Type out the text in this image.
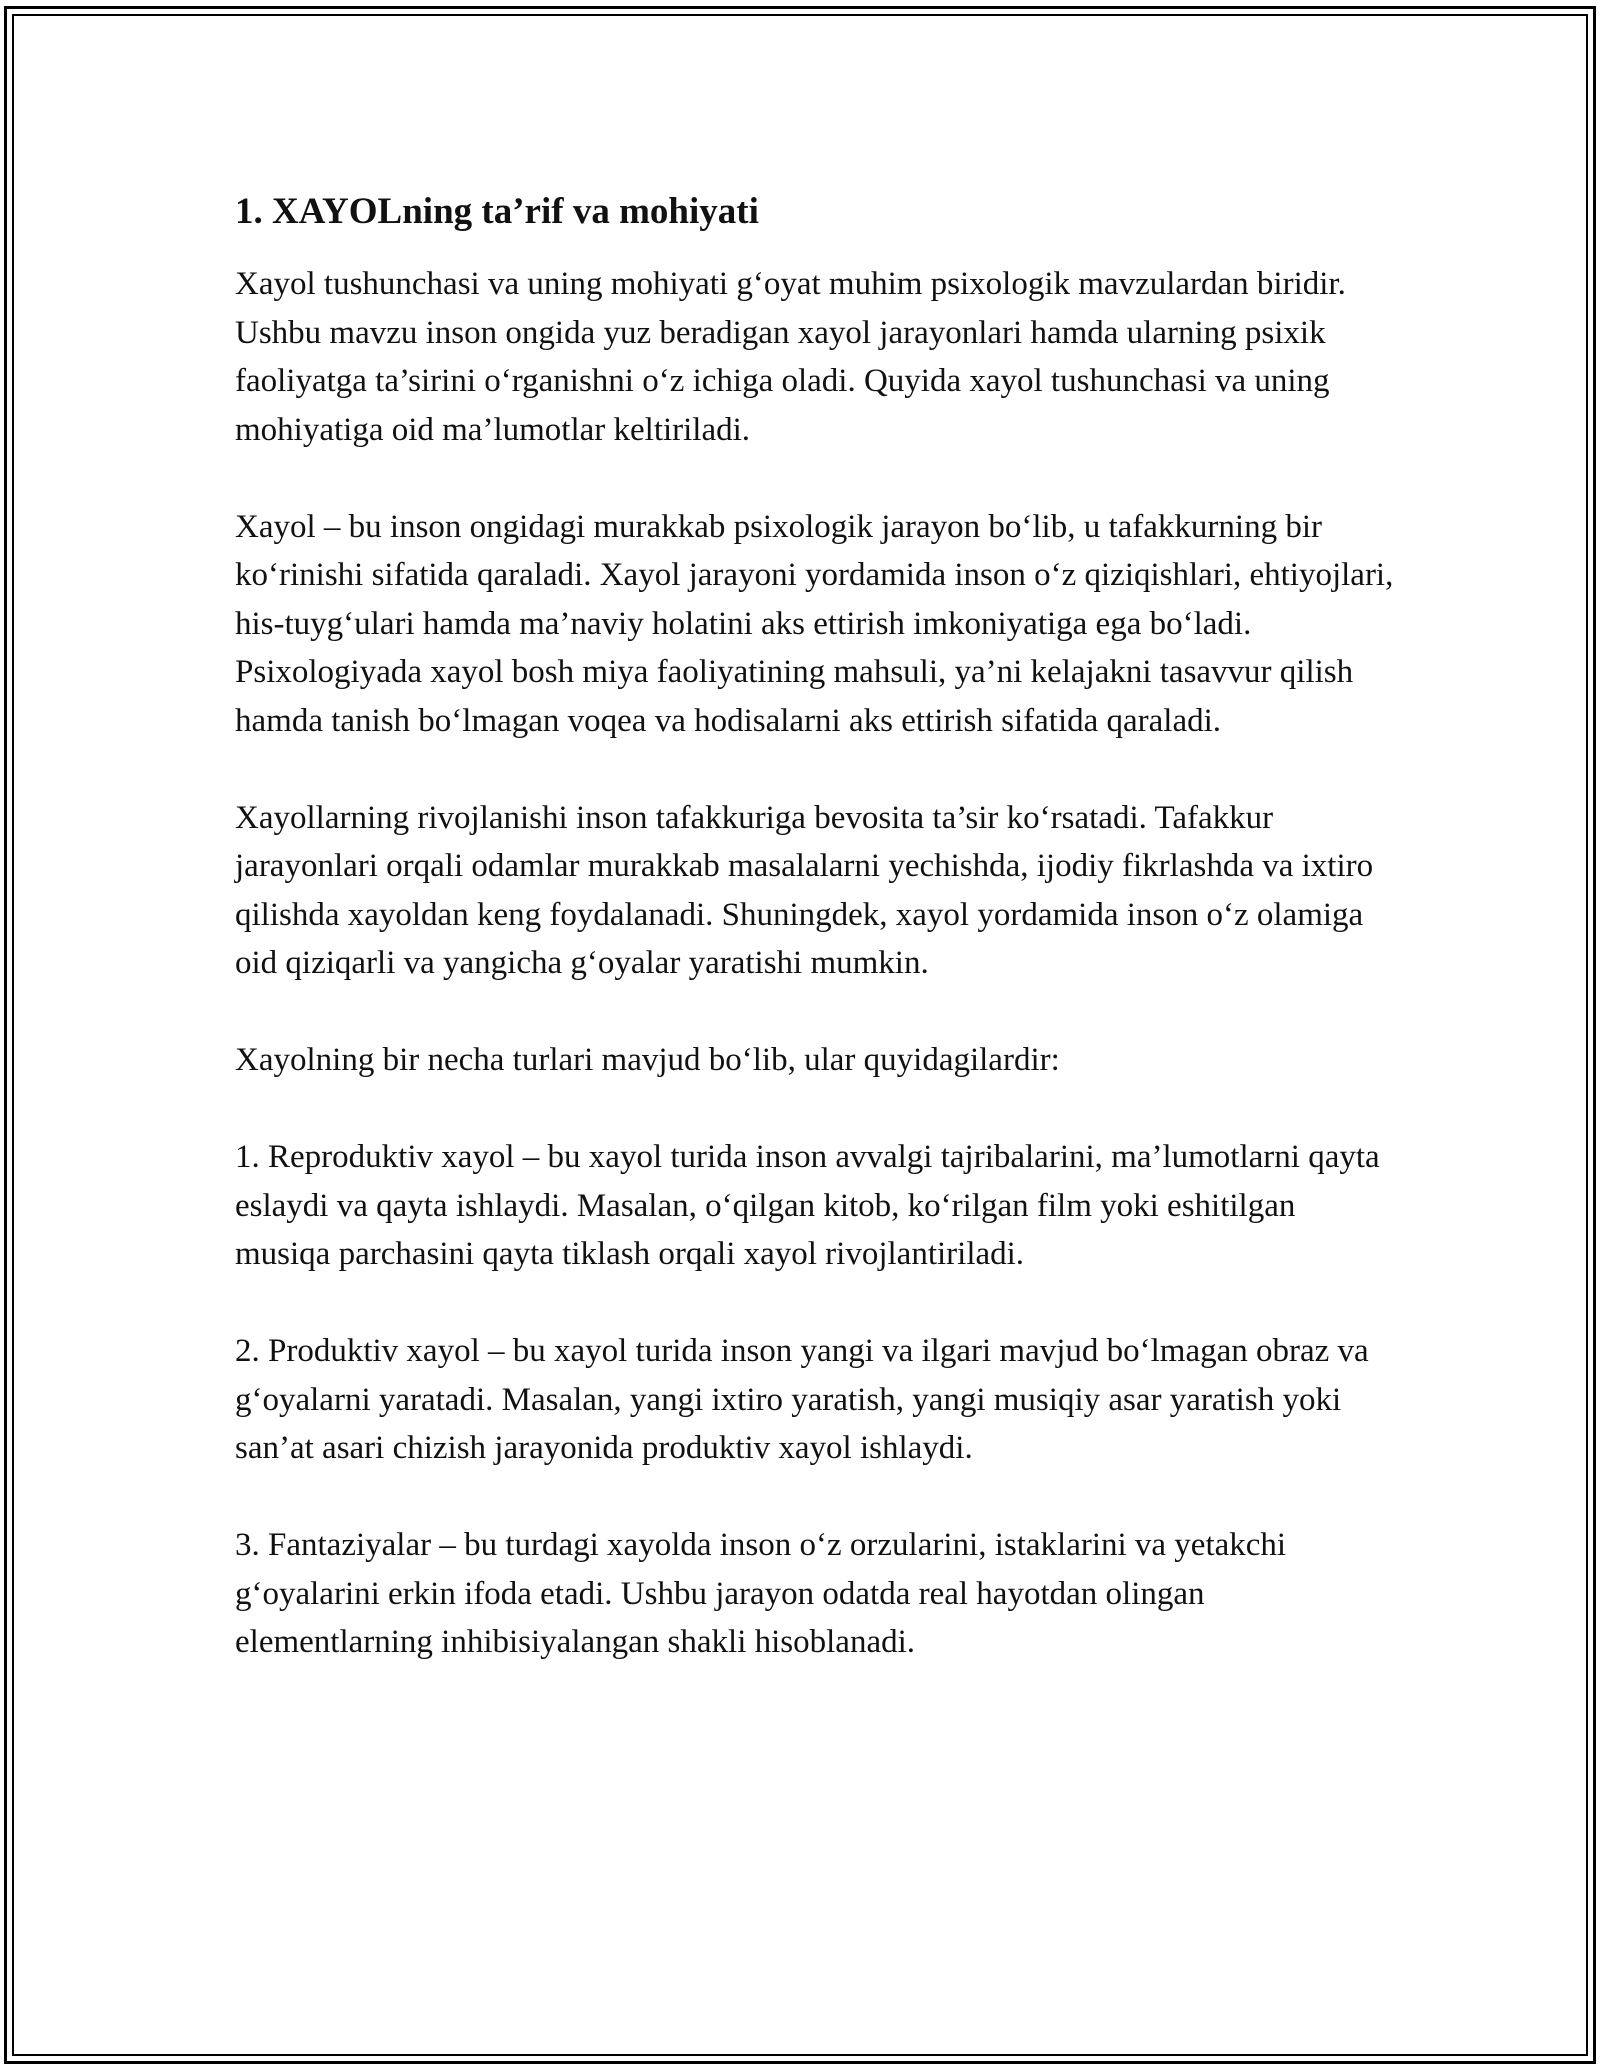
1. XAYOLning ta’rif va mohiyati

Xayol tushunchasi va uning mohiyati g‘oyat muhim psixologik mavzulardan biridir. Ushbu mavzu inson ongida yuz beradigan xayol jarayonlari hamda ularning psixik faoliyatga ta’sirini o‘rganishni o‘z ichiga oladi. Quyida xayol tushunchasi va uning mohiyatiga oid ma’lumotlar keltiriladi.

Xayol – bu inson ongidagi murakkab psixologik jarayon bo‘lib, u tafakkurning bir ko‘rinishi sifatida qaraladi. Xayol jarayoni yordamida inson o‘z qiziqishlari, ehtiyojlari, his-tuyg‘ulari hamda ma’naviy holatini aks ettirish imkoniyatiga ega bo‘ladi. Psixologiyada xayol bosh miya faoliyatining mahsuli, ya’ni kelajakni tasavvur qilish hamda tanish bo‘lmagan voqea va hodisalarni aks ettirish sifatida qaraladi.

Xayollarning rivojlanishi inson tafakkuriga bevosita ta’sir ko‘rsatadi. Tafakkur jarayonlari orqali odamlar murakkab masalalarni yechishda, ijodiy fikrlashda va ixtiro qilishda xayoldan keng foydalanadi. Shuningdek, xayol yordamida inson o‘z olamiga oid qiziqarli va yangicha g‘oyalar yaratishi mumkin.

Xayolning bir necha turlari mavjud bo‘lib, ular quyidagilardir:

1. Reproduktiv xayol – bu xayol turida inson avvalgi tajribalarini, ma’lumotlarni qayta eslaydi va qayta ishlaydi. Masalan, o‘qilgan kitob, ko‘rilgan film yoki eshitilgan musiqa parchasini qayta tiklash orqali xayol rivojlantiriladi.

2. Produktiv xayol – bu xayol turida inson yangi va ilgari mavjud bo‘lmagan obraz va g‘oyalarni yaratadi. Masalan, yangi ixtiro yaratish, yangi musiqiy asar yaratish yoki san’at asari chizish jarayonida produktiv xayol ishlaydi.

3. Fantaziyalar – bu turdagi xayolda inson o‘z orzularini, istaklarini va yetakchi g‘oyalarini erkin ifoda etadi. Ushbu jarayon odatda real hayotdan olingan elementlarning inhibisiyalangan shakli hisoblanadi.
